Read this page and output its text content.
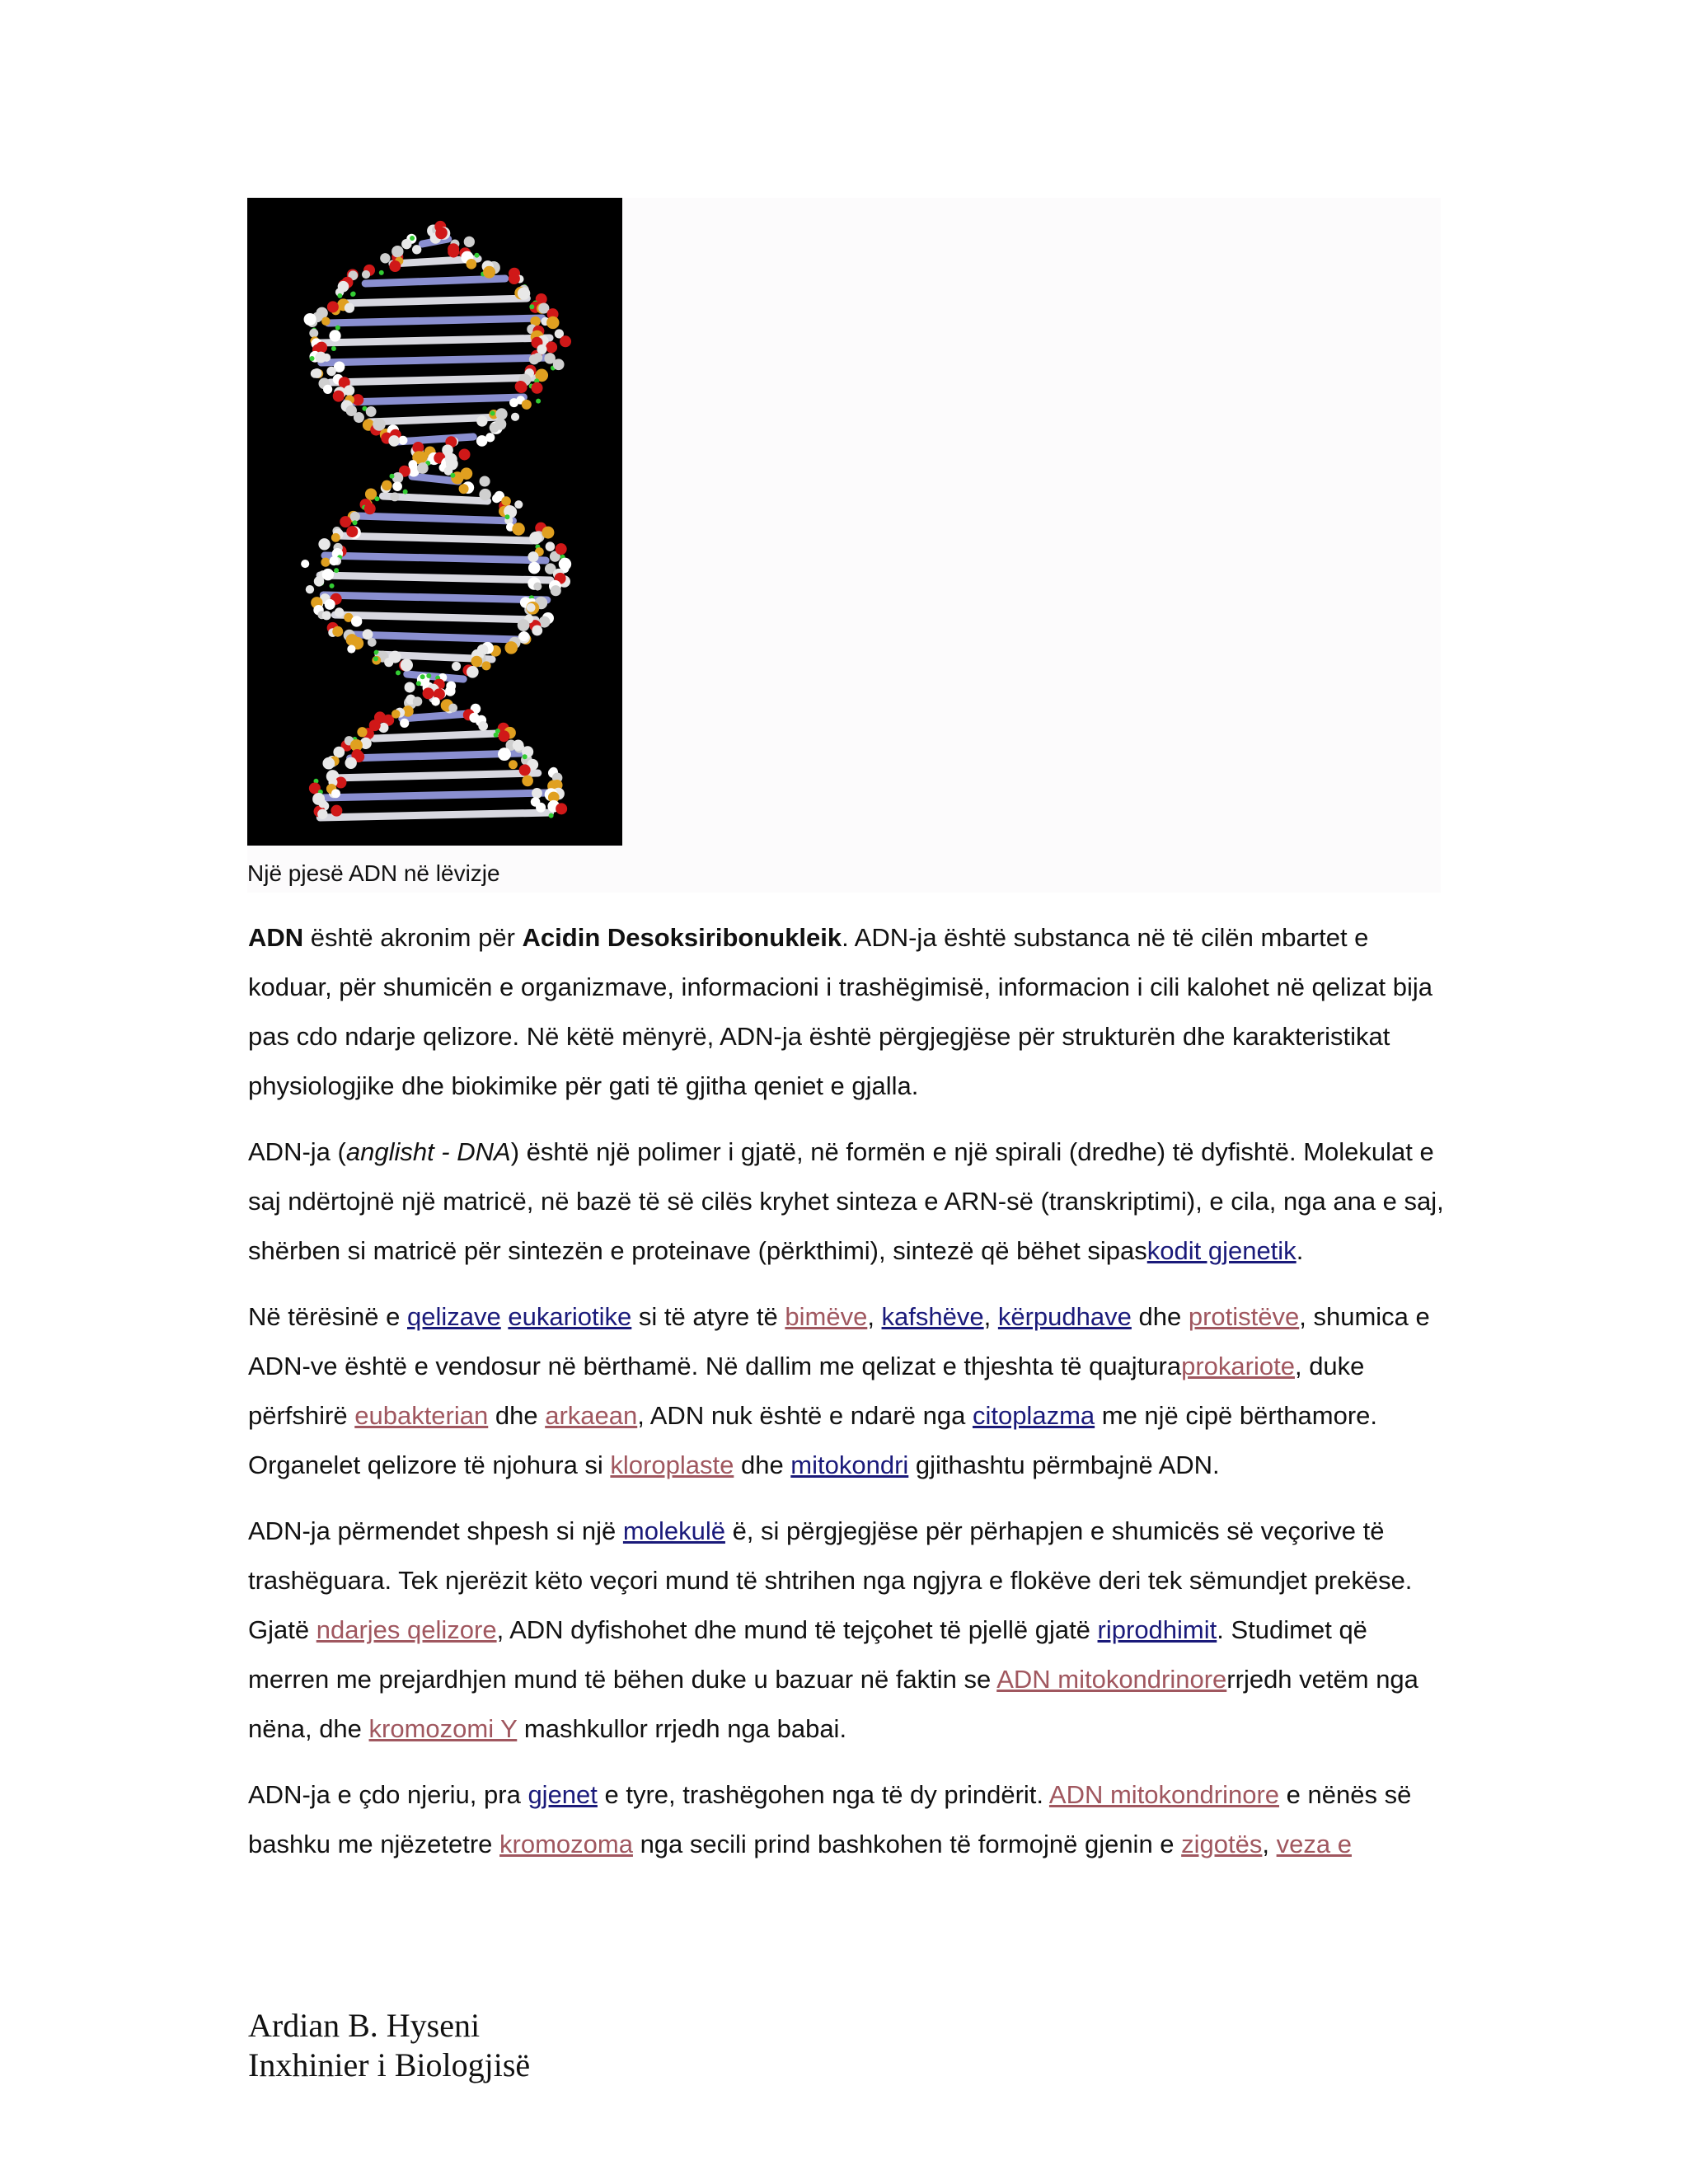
Një pjesë ADN në lëvizje

ADN është akronim për Acidin Desoksiribonukleik. ADN-ja është substanca në të cilën mbartet e koduar, për shumicën e organizmave, informacioni i trashëgimisë, informacion i cili kalohet në qelizat bija pas cdo ndarje qelizore. Në këtë mënyrë, ADN-ja është përgjegjëse për strukturën dhe karakteristikat physiologjike dhe biokimike për gati të gjitha qeniet e gjalla.

ADN-ja (anglisht - DNA) është një polimer i gjatë, në formën e një spirali (dredhe) të dyfishtë. Molekulat e saj ndërtojnë një matricë, në bazë të së cilës kryhet sinteza e ARN-së (transkriptimi), e cila, nga ana e saj, shërben si matricë për sintezën e proteinave (përkthimi), sintezë që bëhet sipaskodit gjenetik.

Në tërësinë e qelizave eukariotike si të atyre të bimëve, kafshëve, kërpudhave dhe protistëve, shumica e ADN-ve është e vendosur në bërthamë. Në dallim me qelizat e thjeshta të quajturaprokariote, duke përfshirë eubakterian dhe arkaean, ADN nuk është e ndarë nga citoplazma me një cipë bërthamore. Organelet qelizore të njohura si kloroplaste dhe mitokondri gjithashtu përmbajnë ADN.

ADN-ja përmendet shpesh si një molekulë ë, si përgjegjëse për përhapjen e shumicës së veçorive të trashëguara. Tek njerëzit këto veçori mund të shtrihen nga ngjyra e flokëve deri tek sëmundjet prekëse. Gjatë ndarjes qelizore, ADN dyfishohet dhe mund të tejçohet të pjellë gjatë riprodhimit. Studimet që merren me prejardhjen mund të bëhen duke u bazuar në faktin se ADN mitokondrinorerrjedh vetëm nga nëna, dhe kromozomi Y mashkullor rrjedh nga babai.

ADN-ja e çdo njeriu, pra gjenet e tyre, trashëgohen nga të dy prindërit. ADN mitokondrinore e nënës së bashku me njëzetetre kromozoma nga secili prind bashkohen të formojnë gjenin e zigotës, veza e

Ardian B. Hyseni
Inxhinier i Biologjisë
